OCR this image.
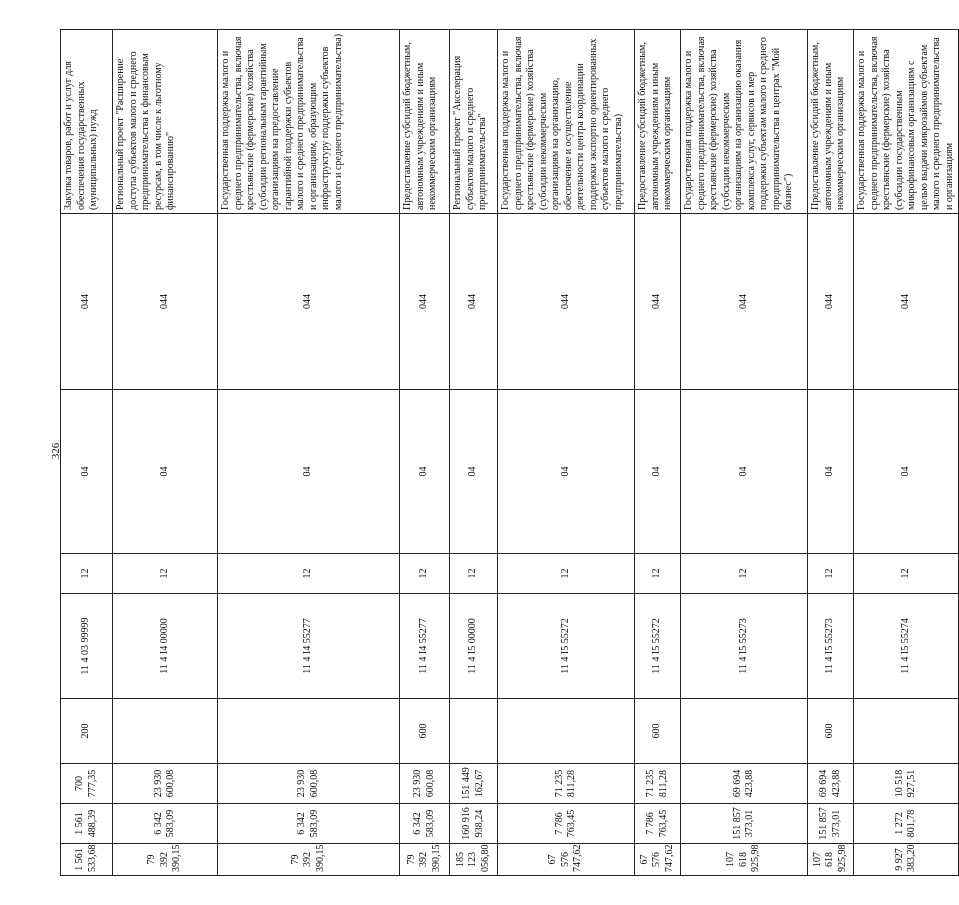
326
1 561 533,68	1 561 488,39	700 777,35	200	11 4 03 99999	12	04	044	Закупка товаров, работ и услуг для обеспечения государственных (муниципальных) нужд
79 392 390,15	6 342 583,09	23 930 600,08		11 4 I4 00000	12	04	044	Региональный проект "Расширение доступа субъектов малого и среднего предпринимательства к финансовым ресурсам, в том числе к льготному финансированию"
79 392 390,15	6 342 583,09	23 930 600,08		11 4 I4 55277	12	04	044	Государственная поддержка малого и среднего предпринимательства, включая крестьянские (фермерские) хозяйства (субсидии региональным гарантийным организациям на предоставление гарантийной поддержки субъектов малого и среднего предпринимательства и организациям, образующим инфраструктуру поддержки субъектов малого и среднего предпринимательства)
79 392 390,15	6 342 583,09	23 930 600,08	600	11 4 I4 55277	12	04	044	Предоставление субсидий бюджетным, автономным учреждениям и иным некоммерческим организациям
185 123 056,80	160 916 938,24	151 449 162,67		11 4 I5 00000	12	04	044	Региональный проект "Акселерация субъектов малого и среднего предпринимательства"
67 576 747,62	7 786 763,45	71 235 811,28		11 4 I5 55272	12	04	044	Государственная поддержка малого и среднего предпринимательства, включая крестьянские (фермерские) хозяйства (субсидии некоммерческим организациям на организацию, обеспечение и осуществление деятельности центра координации поддержки экспортно ориентированных субъектов малого и среднего предпринимательства)
67 576 747,62	7 786 763,45	71 235 811,28	600	11 4 I5 55272	12	04	044	Предоставление субсидий бюджетным, автономным учреждениям и иным некоммерческим организациям
107 618 925,98	151 857 373,01	69 694 423,88		11 4 I5 55273	12	04	044	Государственная поддержка малого и среднего предпринимательства, включая крестьянские (фермерские) хозяйства (субсидии некоммерческим организациям на организацию оказания комплекса услуг, сервисов и мер поддержки субъектам малого и среднего предпринимательства в центрах "Мой бизнес")
107 618 925,98	151 857 373,01	69 694 423,88	600	11 4 I5 55273	12	04	044	Предоставление субсидий бюджетным, автономным учреждениям и иным некоммерческим организациям
9 927 383,20	1 272 801,78	10 518 927,51		11 4 I5 55274	12	04	044	Государственная поддержка малого и среднего предпринимательства, включая крестьянские (фермерские) хозяйства (субсидии государственным микрофинансовым организациям с целью выдачи микрозаймов субъектам малого и среднего предпринимательства и организациям
